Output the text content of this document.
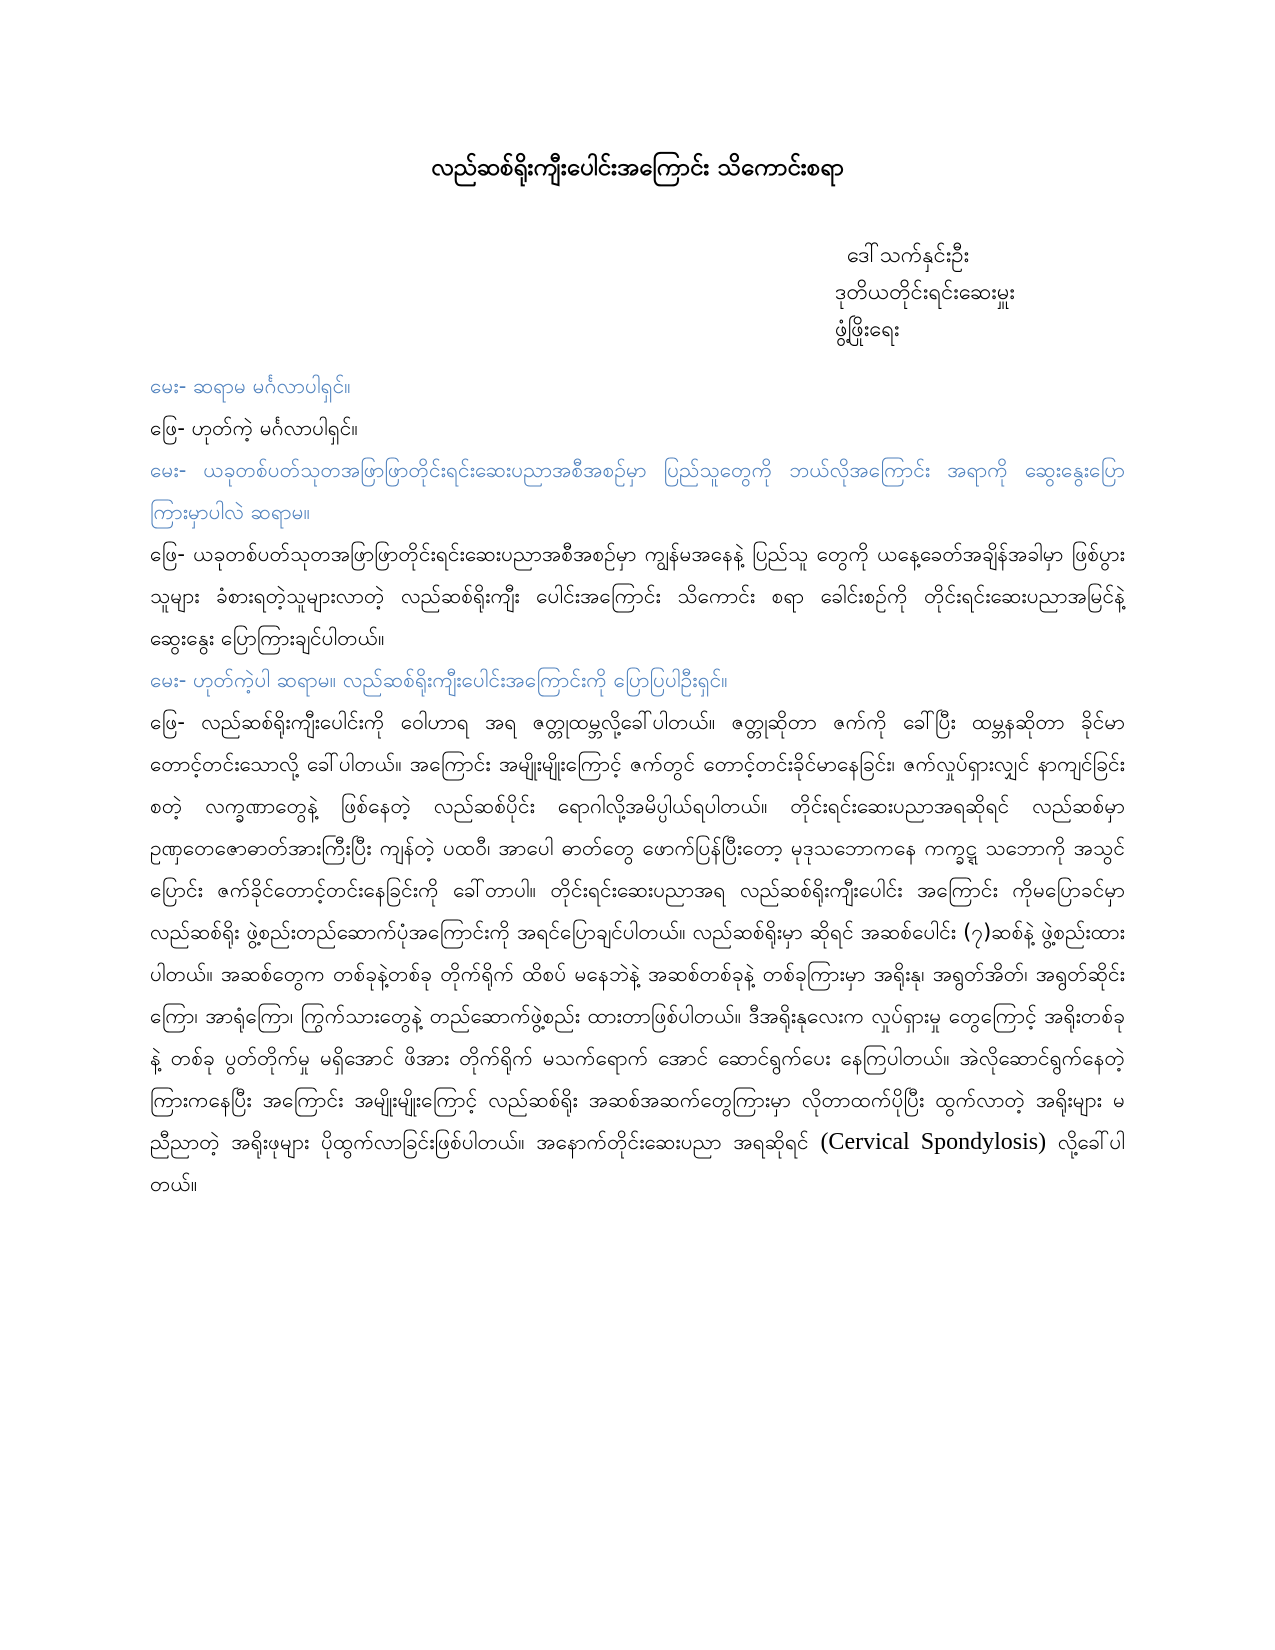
လည်ဆစ်ရိုးကျီးပေါင်းအကြောင်း သိကောင်းစရာ
ဒေါ်သက်နှင်းဦး
ဒုတိယတိုင်းရင်းဆေးမှူး
ဖွံ့ဖြိုးရေး

မေး- ဆရာမ မင်္ဂလာပါရှင်။

ဖြေ- ဟုတ်ကဲ့ မင်္ဂလာပါရှင်။

မေး- ယခုတစ်ပတ်သုတအဖြာဖြာတိုင်းရင်းဆေးပညာအစီအစဉ်မှာ ပြည်သူတွေကို ဘယ်လိုအကြောင်း အရာကို ဆွေးနွေးပြောကြားမှာပါလဲ ဆရာမ။

ဖြေ- ယခုတစ်ပတ်သုတအဖြာဖြာတိုင်းရင်းဆေးပညာအစီအစဉ်မှာ ကျွန်မအနေနဲ့ ပြည်သူ တွေကို ယနေ့ခေတ်အချိန်အခါမှာ ဖြစ်ပွားသူများ ခံစားရတဲ့သူများလာတဲ့ လည်ဆစ်ရိုးကျီး ပေါင်းအကြောင်း သိကောင်း စရာ ခေါင်းစဉ်ကို တိုင်းရင်းဆေးပညာအမြင်နဲ့ ဆွေးနွေး ပြောကြားချင်ပါတယ်။

မေး- ဟုတ်ကဲ့ပါ ဆရာမ။ လည်ဆစ်ရိုးကျီးပေါင်းအကြောင်းကို ပြောပြပါဦးရှင်။

ဖြေ- လည်ဆစ်ရိုးကျီးပေါင်းကို ဝေါဟာရ အရ ဇတ္တုထမ္ဘလို့ခေါ်ပါတယ်။ ဇတ္တုဆိုတာ ဇက်ကို ခေါ်ပြီး ထမ္ဘနဆိုတာ ခိုင်မာတောင့်တင်းသောလို့ ခေါ်ပါတယ်။ အကြောင်း အမျိုးမျိုးကြောင့် ဇက်တွင် တောင့်တင်းခိုင်မာနေခြင်း၊ ဇက်လှုပ်ရှားလျှင် နာကျင်ခြင်းစတဲ့ လက္ခဏာတွေနဲ့ ဖြစ်နေတဲ့ လည်ဆစ်ပိုင်း ရောဂါလို့အမိပ္ပါယ်ရပါတယ်။ တိုင်းရင်းဆေးပညာအရဆိုရင် လည်ဆစ်မှာ ဥဏှတေဇောဓာတ်အားကြီးပြီး ကျန်တဲ့ ပထဝီ၊ အာပေါ ဓာတ်တွေ ဖောက်ပြန်ပြီးတော့ မုဒုသဘောကနေ ကက္ခဋ္ဋ သဘောကို အသွင်ပြောင်း ဇက်ခိုင်တောင့်တင်းနေခြင်းကို ခေါ်တာပါ။ တိုင်းရင်းဆေးပညာအရ လည်ဆစ်ရိုးကျီးပေါင်း အကြောင်း ကိုမပြောခင်မှာ လည်ဆစ်ရိုး ဖွဲ့စည်းတည်ဆောက်ပုံအကြောင်းကို အရင်ပြောချင်ပါတယ်။ လည်ဆစ်ရိုးမှာ ဆိုရင် အဆစ်ပေါင်း (၇)ဆစ်နဲ့ ဖွဲ့စည်းထားပါတယ်။ အဆစ်တွေက တစ်ခုနဲ့တစ်ခု တိုက်ရိုက် ထိစပ် မနေဘဲနဲ့ အဆစ်တစ်ခုနဲ့ တစ်ခုကြားမှာ အရိုးနု၊ အရွတ်အိတ်၊ အရွတ်ဆိုင်းကြော၊ အာရုံကြော၊ ကြွက်သားတွေနဲ့ တည်ဆောက်ဖွဲ့စည်း ထားတာဖြစ်ပါတယ်။ ဒီအရိုးနုလေးက လှုပ်ရှားမှု တွေကြောင့် အရိုးတစ်ခုနဲ့ တစ်ခု ပွတ်တိုက်မှု မရှိအောင် ဖိအား တိုက်ရိုက် မသက်ရောက် အောင် ဆောင်ရွက်ပေး နေကြပါတယ်။ အဲလိုဆောင်ရွက်နေတဲ့ ကြားကနေပြီး အကြောင်း အမျိုးမျိုးကြောင့် လည်ဆစ်ရိုး အဆစ်အဆက်တွေကြားမှာ လိုတာထက်ပိုပြီး ထွက်လာတဲ့ အရိုးများ မညီညာတဲ့ အရိုးဖုများ ပိုထွက်လာခြင်းဖြစ်ပါတယ်။ အနောက်တိုင်းဆေးပညာ အရဆိုရင် (Cervical Spondylosis) လို့ခေါ်ပါတယ်။
